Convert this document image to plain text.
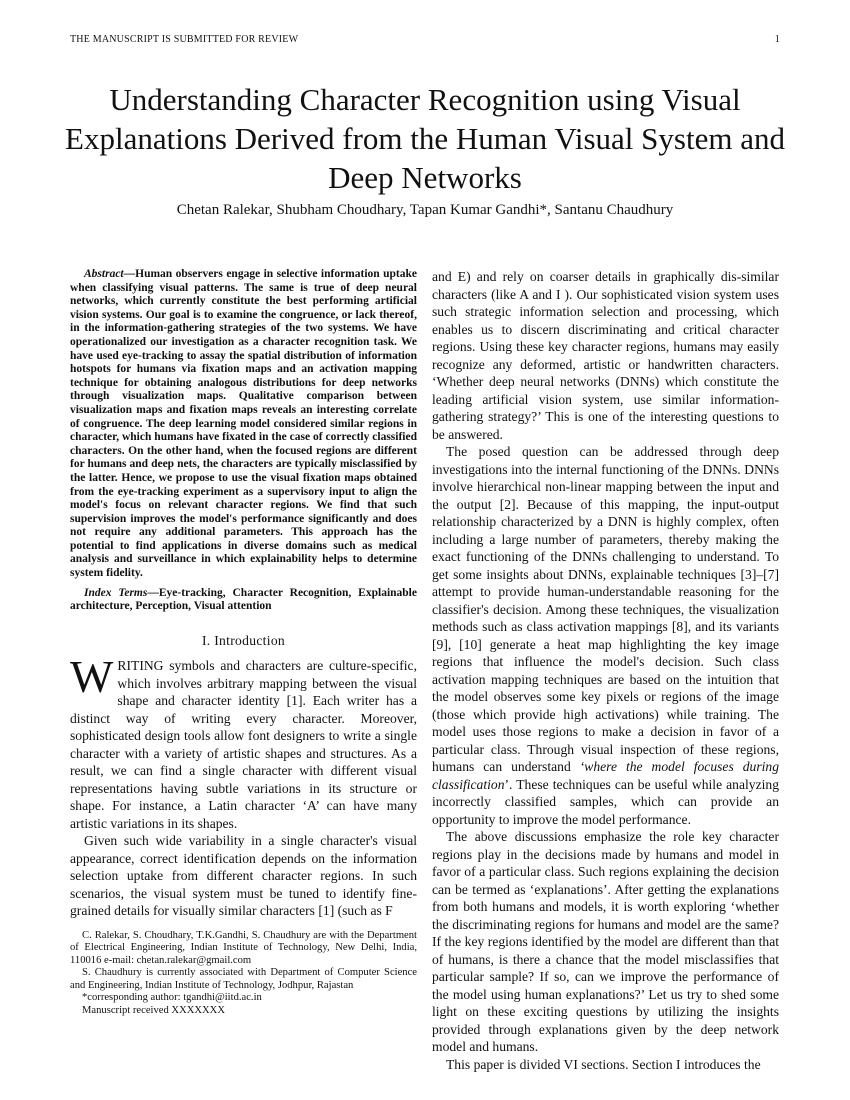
THE MANUSCRIPT IS SUBMITTED FOR REVIEW	1
Understanding Character Recognition using Visual Explanations Derived from the Human Visual System and Deep Networks

Chetan Ralekar, Shubham Choudhary, Tapan Kumar Gandhi*, Santanu Chaudhury

Abstract—Human observers engage in selective information uptake when classifying visual patterns. The same is true of deep neural networks, which currently constitute the best performing artificial vision systems. Our goal is to examine the congruence, or lack thereof, in the information-gathering strategies of the two systems. We have operationalized our investigation as a character recognition task. We have used eye-tracking to assay the spatial distribution of information hotspots for humans via fixation maps and an activation mapping technique for obtaining analogous distributions for deep networks through visualization maps. Qualitative comparison between visualization maps and fixation maps reveals an interesting correlate of congruence. The deep learning model considered similar regions in character, which humans have fixated in the case of correctly classified characters. On the other hand, when the focused regions are different for humans and deep nets, the characters are typically misclassified by the latter. Hence, we propose to use the visual fixation maps obtained from the eye-tracking experiment as a supervisory input to align the model's focus on relevant character regions. We find that such supervision improves the model's performance significantly and does not require any additional parameters. This approach has the potential to find applications in diverse domains such as medical analysis and surveillance in which explainability helps to determine system fidelity.

Index Terms—Eye-tracking, Character Recognition, Explainable architecture, Perception, Visual attention

I. Introduction

WRITING symbols and characters are culture-specific, which involves arbitrary mapping between the visual shape and character identity [1]. Each writer has a distinct way of writing every character. Moreover, sophisticated design tools allow font designers to write a single character with a variety of artistic shapes and structures. As a result, we can find a single character with different visual representations having subtle variations in its structure or shape. For instance, a Latin character ‘A’ can have many artistic variations in its shapes.

Given such wide variability in a single character's visual appearance, correct identification depends on the information selection uptake from different character regions. In such scenarios, the visual system must be tuned to identify fine-grained details for visually similar characters [1] (such as F

C. Ralekar, S. Choudhary, T.K.Gandhi, S. Chaudhury are with the Department of Electrical Engineering, Indian Institute of Technology, New Delhi, India, 110016 e-mail: chetan.ralekar@gmail.com

S. Chaudhury is currently associated with Department of Computer Science and Engineering, Indian Institute of Technology, Jodhpur, Rajastan

*corresponding author: tgandhi@iitd.ac.in

Manuscript received XXXXXXX

and E) and rely on coarser details in graphically dis-similar characters (like A and I ). Our sophisticated vision system uses such strategic information selection and processing, which enables us to discern discriminating and critical character regions. Using these key character regions, humans may easily recognize any deformed, artistic or handwritten characters. ‘Whether deep neural networks (DNNs) which constitute the leading artificial vision system, use similar information-gathering strategy?’ This is one of the interesting questions to be answered.

The posed question can be addressed through deep investigations into the internal functioning of the DNNs. DNNs involve hierarchical non-linear mapping between the input and the output [2]. Because of this mapping, the input-output relationship characterized by a DNN is highly complex, often including a large number of parameters, thereby making the exact functioning of the DNNs challenging to understand. To get some insights about DNNs, explainable techniques [3]–[7] attempt to provide human-understandable reasoning for the classifier's decision. Among these techniques, the visualization methods such as class activation mappings [8], and its variants [9], [10] generate a heat map highlighting the key image regions that influence the model's decision. Such class activation mapping techniques are based on the intuition that the model observes some key pixels or regions of the image (those which provide high activations) while training. The model uses those regions to make a decision in favor of a particular class. Through visual inspection of these regions, humans can understand ‘where the model focuses during classification’. These techniques can be useful while analyzing incorrectly classified samples, which can provide an opportunity to improve the model performance.

The above discussions emphasize the role key character regions play in the decisions made by humans and model in favor of a particular class. Such regions explaining the decision can be termed as ‘explanations’. After getting the explanations from both humans and models, it is worth exploring ‘whether the discriminating regions for humans and model are the same? If the key regions identified by the model are different than that of humans, is there a chance that the model misclassifies that particular sample? If so, can we improve the performance of the model using human explanations?’ Let us try to shed some light on these exciting questions by utilizing the insights provided through explanations given by the deep network model and humans.

This paper is divided VI sections. Section I introduces the
